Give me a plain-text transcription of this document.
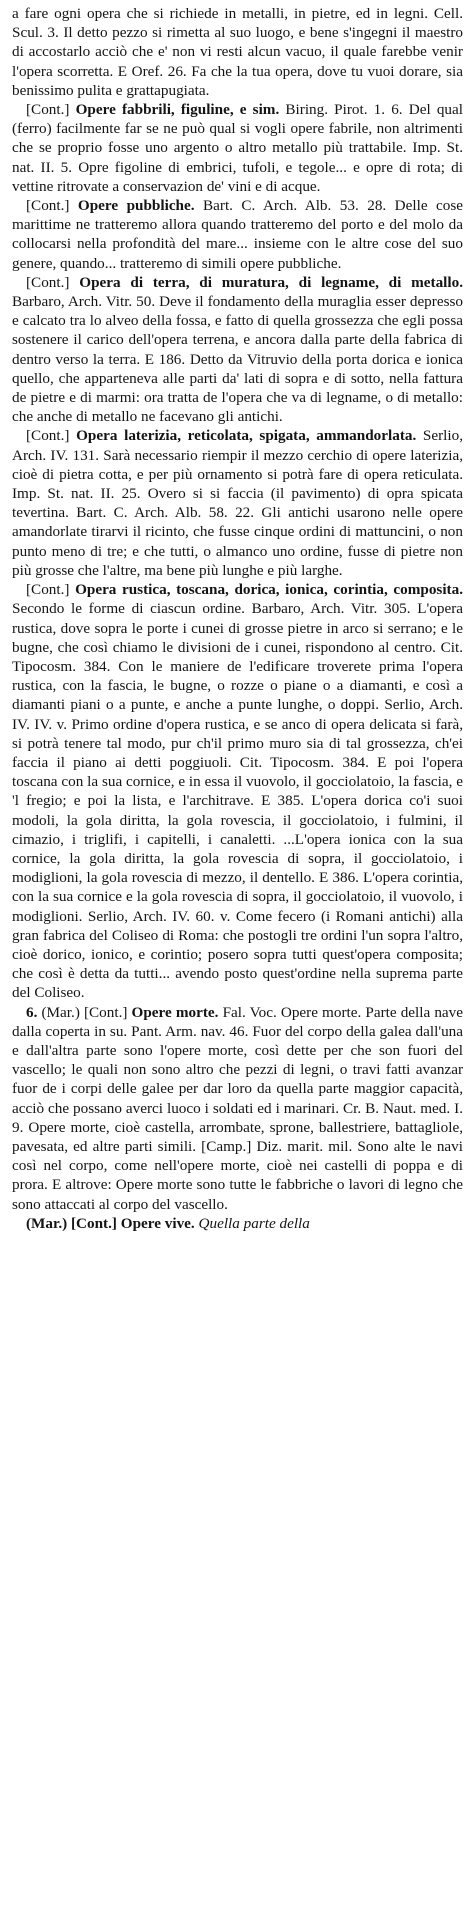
a fare ogni opera che si richiede in metalli, in pietre, ed in legni. Cell. Scul. 3. Il detto pezzo si rimetta al suo luogo, e bene s'ingegni il maestro di accostarlo acciò che e' non vi resti alcun vacuo, il quale farebbe venir l'opera scorretta. E Oref. 26. Fa che la tua opera, dove tu vuoi dorare, sia benissimo pulita e grattapugiata.

[Cont.] Opere fabbrili, figuline, e sim. Biring. Pirot. 1. 6. Del qual (ferro) facilmente far se ne può qual si vogli opere fabrile, non altrimenti che se proprio fosse uno argento o altro metallo più trattabile. Imp. St. nat. II. 5. Opre figoline di embrici, tufoli, e tegole... e opre di rota; di vettine ritrovate a conservazion de' vini e di acque.

[Cont.] Opere pubbliche. Bart. C. Arch. Alb. 53. 28. Delle cose marittime ne tratteremo allora quando tratteremo del porto e del molo da collocarsi nella profondità del mare... insieme con le altre cose del suo genere, quando... tratteremo di simili opere pubbliche.

[Cont.] Opera di terra, di muratura, di legname, di metallo. Barbaro, Arch. Vitr. 50. Deve il fondamento della muraglia esser depresso e calcato tra lo alveo della fossa, e fatto di quella grossezza che egli possa sostenere il carico dell'opera terrena, e ancora dalla parte della fabrica di dentro verso la terra. E 186. Detto da Vitruvio della porta dorica e ionica quello, che apparteneva alle parti da' lati di sopra e di sotto, nella fattura de pietre e di marmi: ora tratta de l'opera che va di legname, o di metallo: che anche di metallo ne facevano gli antichi.

[Cont.] Opera laterizia, reticolata, spigata, ammandorlata. Serlio, Arch. IV. 131. Sarà necessario riempir il mezzo cerchio di opere laterizia, cioè di pietra cotta, e per più ornamento si potrà fare di opera reticulata. Imp. St. nat. II. 25. Overo si si faccia (il pavimento) di opra spicata tevertina. Bart. C. Arch. Alb. 58. 22. Gli antichi usarono nelle opere amandorlate tirarvi il ricinto, che fusse cinque ordini di mattuncini, o non punto meno di tre; e che tutti, o almanco uno ordine, fusse di pietre non più grosse che l'altre, ma bene più lunghe e più larghe.

[Cont.] Opera rustica, toscana, dorica, ionica, corintia, composita. Secondo le forme di ciascun ordine. Barbaro, Arch. Vitr. 305. L'opera rustica, dove sopra le porte i cunei di grosse pietre in arco si serrano; e le bugne, che così chiamo le divisioni de i cunei, rispondono al centro. Cit. Tipocosm. 384. Con le maniere de l'edificare troverete prima l'opera rustica, con la fascia, le bugne, o rozze o piane o a diamanti, e così a diamanti piani o a punte, e anche a punte lunghe, o doppi. Serlio, Arch. IV. IV. v. Primo ordine d'opera rustica, e se anco di opera delicata si farà, si potrà tenere tal modo, pur ch'il primo muro sia di tal grossezza, ch'ei faccia il piano ai detti poggiuoli. Cit. Tipocosm. 384. E poi l'opera toscana con la sua cornice, e in essa il vuovolo, il gocciolatoio, la fascia, e 'l fregio; e poi la lista, e l'architrave. E 385. L'opera dorica co'i suoi modoli, la gola diritta, la gola rovescia, il gocciolatoio, i fulmini, il cimazio, i triglifi, i capitelli, i canaletti. ...L'opera ionica con la sua cornice, la gola diritta, la gola rovescia di sopra, il gocciolatoio, i modiglioni, la gola rovescia di mezzo, il dentello. E 386. L'opera corintia, con la sua cornice e la gola rovescia di sopra, il gocciolatoio, il vuovolo, i modiglioni. Serlio, Arch. IV. 60. v. Come fecero (i Romani antichi) alla gran fabrica del Coliseo di Roma: che postogli tre ordini l'un sopra l'altro, cioè dorico, ionico, e corintio; posero sopra tutti quest'opera composita; che così è detta da tutti... avendo posto quest'ordine nella suprema parte del Coliseo.

6. (Mar.) [Cont.] Opere morte. Fal. Voc. Opere morte. Parte della nave dalla coperta in su. Pant. Arm. nav. 46. Fuor del corpo della galea dall'una e dall'altra parte sono l'opere morte, così dette per che son fuori del vascello; le quali non sono altro che pezzi di legni, o travi fatti avanzar fuor de i corpi delle galee per dar loro da quella parte maggior capacità, acciò che possano averci luoco i soldati ed i marinari. Cr. B. Naut. med. I. 9. Opere morte, cioè castella, arrombate, sprone, ballestriere, battagliole, pavesata, ed altre parti simili. [Camp.] Diz. marit. mil. Sono alte le navi così nel corpo, come nell'opere morte, cioè nei castelli di poppa e di prora. E altrove: Opere morte sono tutte le fabbriche o lavori di legno che sono attaccati al corpo del vascello.

(Mar.) [Cont.] Opere vive. Quella parte della
